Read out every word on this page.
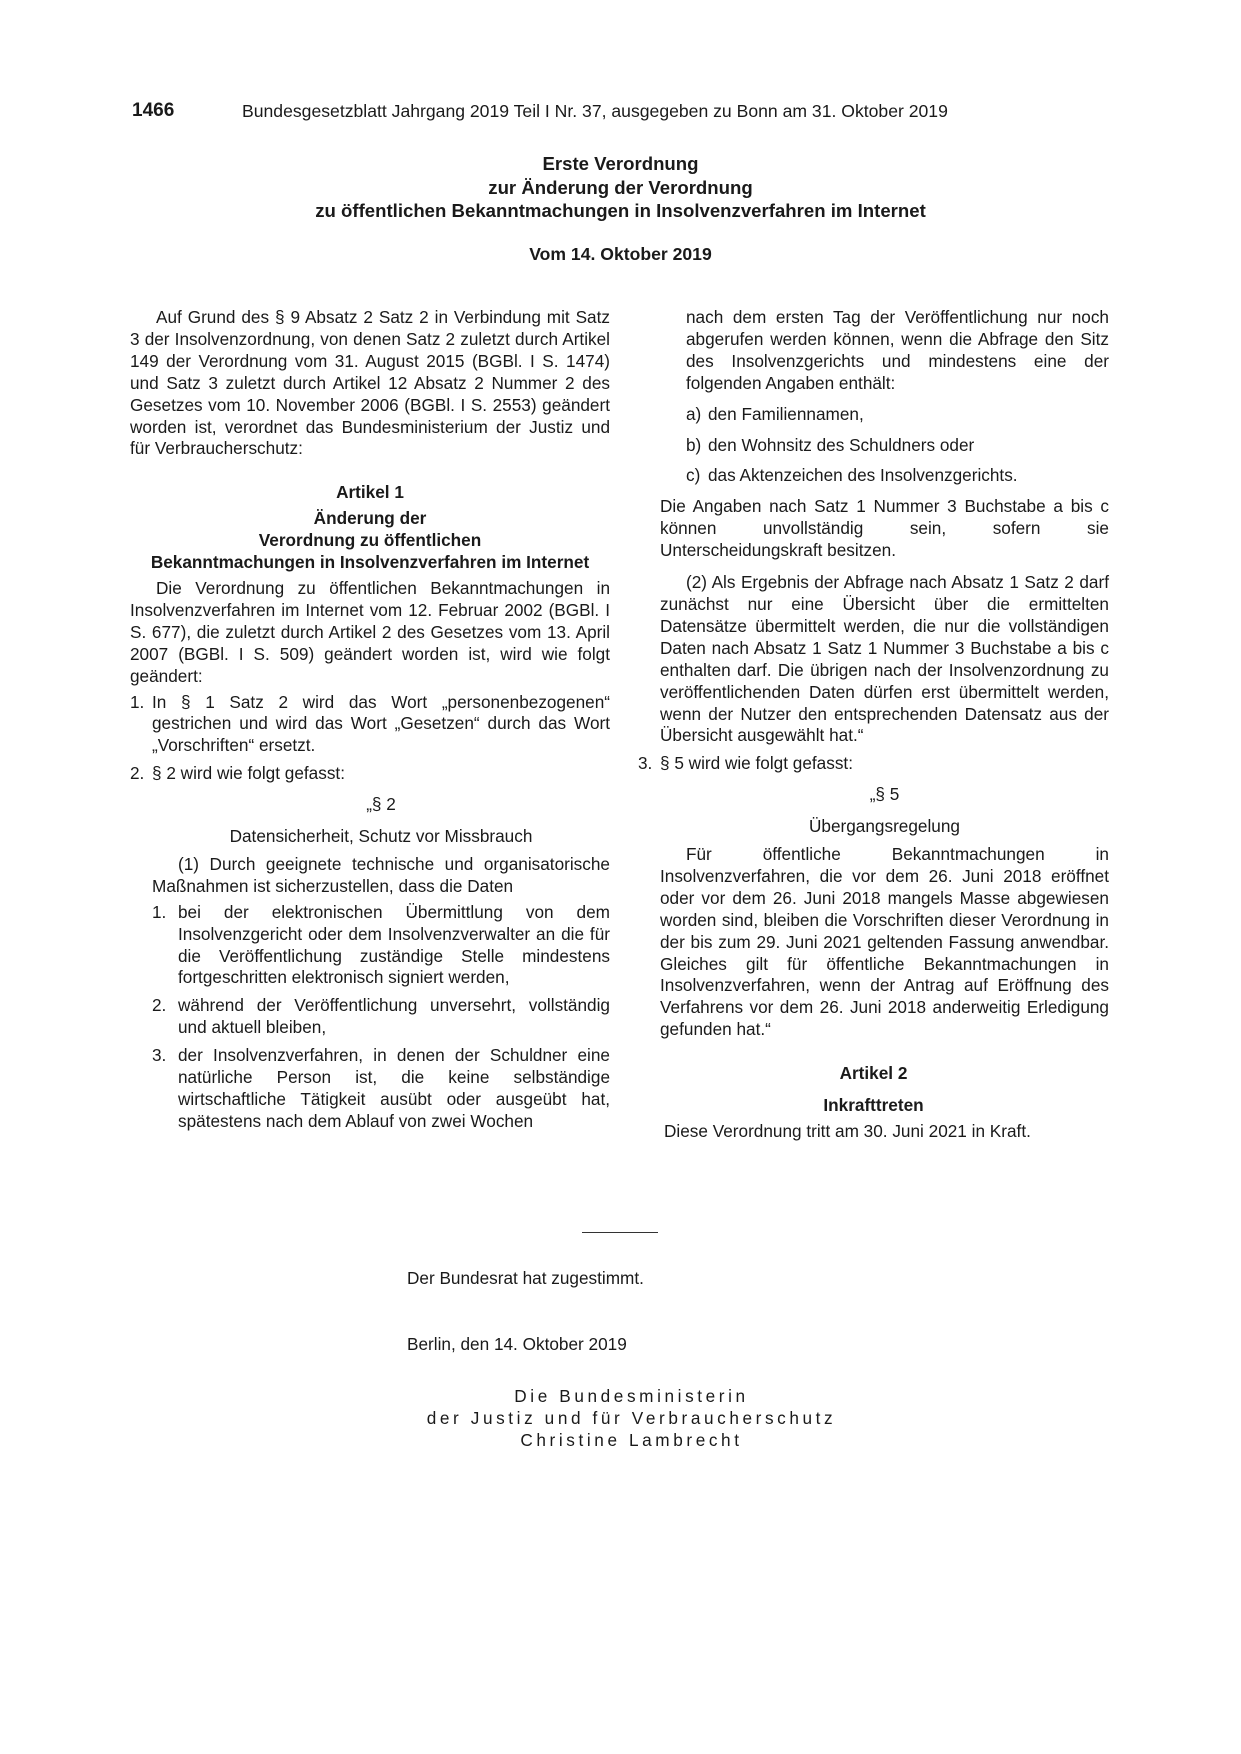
1466	Bundesgesetzblatt Jahrgang 2019 Teil I Nr. 37, ausgegeben zu Bonn am 31. Oktober 2019
Erste Verordnung
zur Änderung der Verordnung
zu öffentlichen Bekanntmachungen in Insolvenzverfahren im Internet
Vom 14. Oktober 2019

Auf Grund des § 9 Absatz 2 Satz 2 in Verbindung mit Satz 3 der Insolvenzordnung, von denen Satz 2 zuletzt durch Artikel 149 der Verordnung vom 31. August 2015 (BGBl. I S. 1474) und Satz 3 zuletzt durch Artikel 12 Absatz 2 Nummer 2 des Gesetzes vom 10. November 2006 (BGBl. I S. 2553) geändert worden ist, verordnet das Bundesministerium der Justiz und für Verbraucherschutz:

Artikel 1

Änderung der

Verordnung zu öffentlichen

Bekanntmachungen in Insolvenzverfahren im Internet

Die Verordnung zu öffentlichen Bekanntmachungen in Insolvenzverfahren im Internet vom 12. Februar 2002 (BGBl. I S. 677), die zuletzt durch Artikel 2 des Gesetzes vom 13. April 2007 (BGBl. I S. 509) geändert worden ist, wird wie folgt geändert:

1. In § 1 Satz 2 wird das Wort „personenbezogenen“ gestrichen und wird das Wort „Gesetzen“ durch das Wort „Vorschriften“ ersetzt.
2. § 2 wird wie folgt gefasst:

„§ 2

Datensicherheit, Schutz vor Missbrauch

(1) Durch geeignete technische und organisatorische Maßnahmen ist sicherzustellen, dass die Daten

1. bei der elektronischen Übermittlung von dem Insolvenzgericht oder dem Insolvenzverwalter an die für die Veröffentlichung zuständige Stelle mindestens fortgeschritten elektronisch signiert werden,
2. während der Veröffentlichung unversehrt, vollständig und aktuell bleiben,
3. der Insolvenzverfahren, in denen der Schuldner eine natürliche Person ist, die keine selbständige wirtschaftliche Tätigkeit ausübt oder ausgeübt hat, spätestens nach dem Ablauf von zwei Wochen

nach dem ersten Tag der Veröffentlichung nur noch abgerufen werden können, wenn die Abfrage den Sitz des Insolvenzgerichts und mindestens eine der folgenden Angaben enthält:

a) den Familiennamen,
b) den Wohnsitz des Schuldners oder
c) das Aktenzeichen des Insolvenzgerichts.

Die Angaben nach Satz 1 Nummer 3 Buchstabe a bis c können unvollständig sein, sofern sie Unterscheidungskraft besitzen.

(2) Als Ergebnis der Abfrage nach Absatz 1 Satz 2 darf zunächst nur eine Übersicht über die ermittelten Datensätze übermittelt werden, die nur die vollständigen Daten nach Absatz 1 Satz 1 Nummer 3 Buchstabe a bis c enthalten darf. Die übrigen nach der Insolvenzordnung zu veröffentlichenden Daten dürfen erst übermittelt werden, wenn der Nutzer den entsprechenden Datensatz aus der Übersicht ausgewählt hat.“

3. § 5 wird wie folgt gefasst:

„§ 5

Übergangsregelung

Für öffentliche Bekanntmachungen in Insolvenzverfahren, die vor dem 26. Juni 2018 eröffnet oder vor dem 26. Juni 2018 mangels Masse abgewiesen worden sind, bleiben die Vorschriften dieser Verordnung in der bis zum 29. Juni 2021 geltenden Fassung anwendbar. Gleiches gilt für öffentliche Bekanntmachungen in Insolvenzverfahren, wenn der Antrag auf Eröffnung des Verfahrens vor dem 26. Juni 2018 anderweitig Erledigung gefunden hat.“

Artikel 2

Inkrafttreten

Diese Verordnung tritt am 30. Juni 2021 in Kraft.

Der Bundesrat hat zugestimmt.
Berlin, den 14. Oktober 2019
Die Bundesministerin
der Justiz und für Verbraucherschutz
Christine Lambrecht
